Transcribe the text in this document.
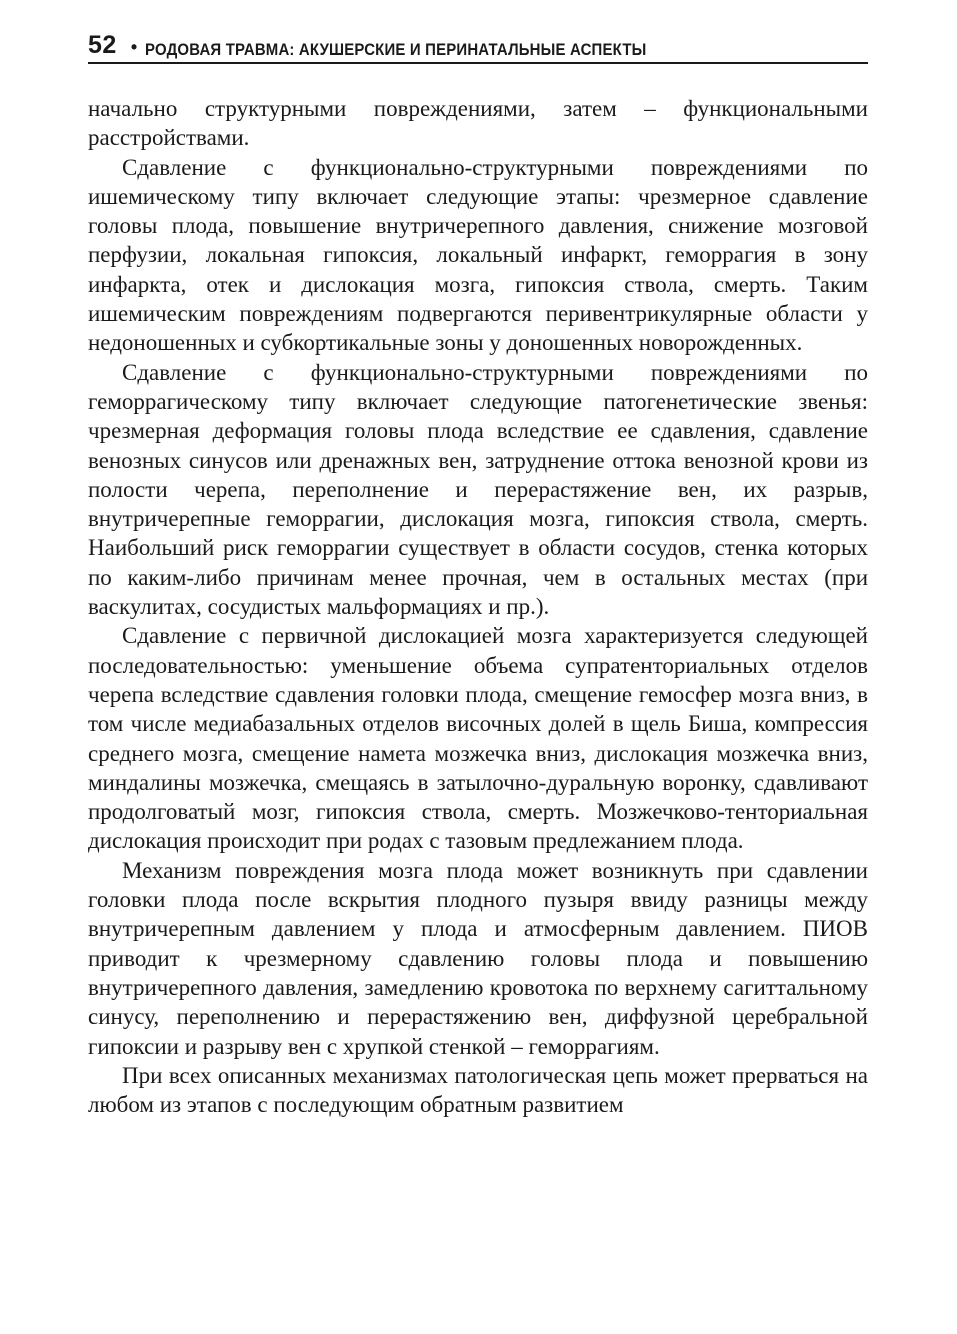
52 • РОДОВАЯ ТРАВМА: АКУШЕРСКИЕ И ПЕРИНАТАЛЬНЫЕ АСПЕКТЫ

начально структурными повреждениями, затем – функциональными расстройствами.

Сдавление с функционально-структурными повреждениями по ишемическому типу включает следующие этапы: чрезмерное сдавление головы плода, повышение внутричерепного давления, снижение мозговой перфузии, локальная гипоксия, локальный инфаркт, геморрагия в зону инфаркта, отек и дислокация мозга, гипоксия ствола, смерть. Таким ишемическим повреждениям подвергаются перивентрикулярные области у недоношенных и субкортикальные зоны у доношенных новорожденных.

Сдавление с функционально-структурными повреждениями по геморрагическому типу включает следующие патогенетические звенья: чрезмерная деформация головы плода вследствие ее сдавления, сдавление венозных синусов или дренажных вен, затруднение оттока венозной крови из полости черепа, переполнение и перерастяжение вен, их разрыв, внутричерепные геморрагии, дислокация мозга, гипоксия ствола, смерть. Наибольший риск геморрагии существует в области сосудов, стенка которых по каким-либо причинам менее прочная, чем в остальных местах (при васкулитах, сосудистых мальформациях и пр.).

Сдавление с первичной дислокацией мозга характеризуется следующей последовательностью: уменьшение объема супратенториальных отделов черепа вследствие сдавления головки плода, смещение гемосфер мозга вниз, в том числе медиабазальных отделов височных долей в щель Биша, компрессия среднего мозга, смещение намета мозжечка вниз, дислокация мозжечка вниз, миндалины мозжечка, смещаясь в затылочно-дуральную воронку, сдавливают продолговатый мозг, гипоксия ствола, смерть. Мозжечково-тенториальная дислокация происходит при родах с тазовым предлежанием плода.

Механизм повреждения мозга плода может возникнуть при сдавлении головки плода после вскрытия плодного пузыря ввиду разницы между внутричерепным давлением у плода и атмосферным давлением. ПИОВ приводит к чрезмерному сдавлению головы плода и повышению внутричерепного давления, замедлению кровотока по верхнему сагиттальному синусу, переполнению и перерастяжению вен, диффузной церебральной гипоксии и разрыву вен с хрупкой стенкой – геморрагиям.

При всех описанных механизмах патологическая цепь может прерваться на любом из этапов с последующим обратным развитием
